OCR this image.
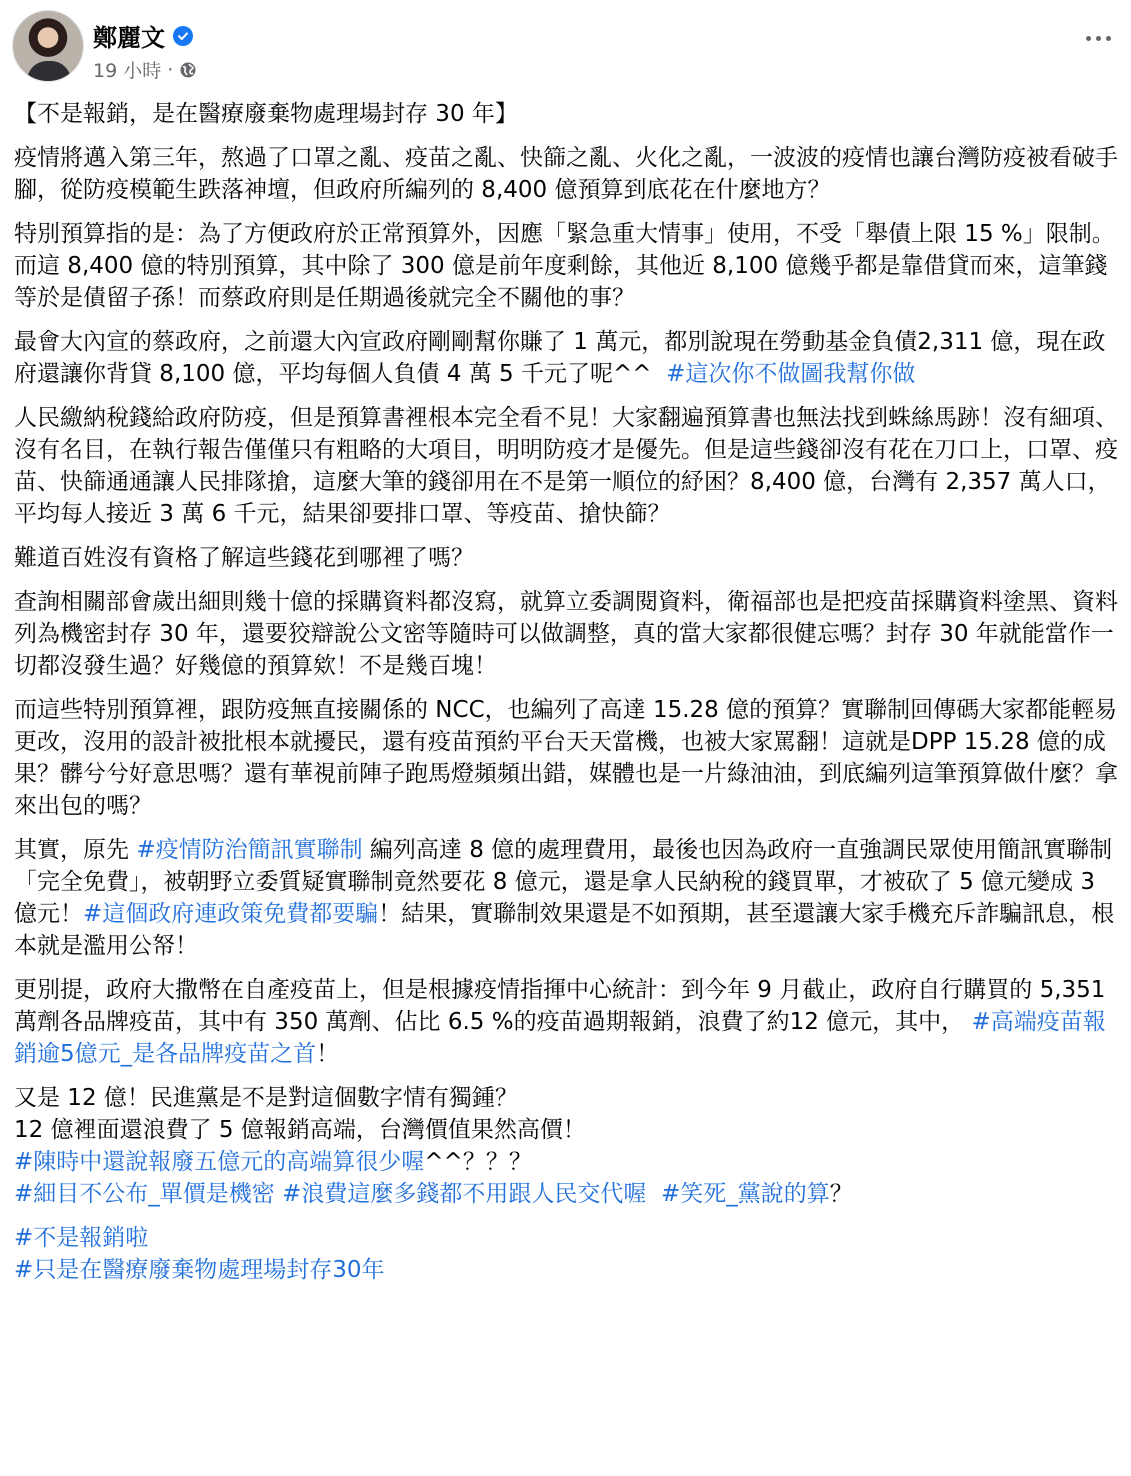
鄭麗文
19 小時 ·

【不是報銷，是在醫療廢棄物處理場封存 30 年】

疫情將邁入第三年，熬過了口罩之亂、疫苗之亂、快篩之亂、火化之亂，一波波的疫情也讓台灣防疫被看破手腳，從防疫模範生跌落神壇，但政府所編列的 8,400 億預算到底花在什麼地方？

特別預算指的是：為了方便政府於正常預算外，因應「緊急重大情事」使用，不受「舉債上限 15 %」限制。而這 8,400 億的特別預算，其中除了 300 億是前年度剩餘，其他近 8,100 億幾乎都是靠借貸而來，這筆錢等於是債留子孫！而蔡政府則是任期過後就完全不關他的事？

最會大內宣的蔡政府，之前還大內宣政府剛剛幫你賺了 1 萬元，都別說現在勞動基金負債2,311 億，現在政府還讓你背貸 8,100 億，平均每個人負債 4 萬 5 千元了呢^^  #這次你不做圖我幫你做

人民繳納稅錢給政府防疫，但是預算書裡根本完全看不見！大家翻遍預算書也無法找到蛛絲馬跡！沒有細項、沒有名目，在執行報告僅僅只有粗略的大項目，明明防疫才是優先。但是這些錢卻沒有花在刀口上，口罩、疫苗、快篩通通讓人民排隊搶，這麼大筆的錢卻用在不是第一順位的紓困？8,400 億，台灣有 2,357 萬人口，平均每人接近 3 萬 6 千元，結果卻要排口罩、等疫苗、搶快篩？

難道百姓沒有資格了解這些錢花到哪裡了嗎？

查詢相關部會歲出細則幾十億的採購資料都沒寫，就算立委調閱資料，衛福部也是把疫苗採購資料塗黑、資料列為機密封存 30 年，還要狡辯說公文密等隨時可以做調整，真的當大家都很健忘嗎？封存 30 年就能當作一切都沒發生過？好幾億的預算欸！不是幾百塊！

而這些特別預算裡，跟防疫無直接關係的 NCC，也編列了高達 15.28 億的預算？實聯制回傳碼大家都能輕易更改，沒用的設計被批根本就擾民，還有疫苗預約平台天天當機，也被大家罵翻！這就是DPP 15.28 億的成果？髒兮兮好意思嗎？還有華視前陣子跑馬燈頻頻出錯，媒體也是一片綠油油，到底編列這筆預算做什麼？拿來出包的嗎？

其實，原先 #疫情防治簡訊實聯制 編列高達 8 億的處理費用，最後也因為政府一直強調民眾使用簡訊實聯制「完全免費」，被朝野立委質疑實聯制竟然要花 8 億元，還是拿人民納稅的錢買單，才被砍了 5 億元變成 3 億元！#這個政府連政策免費都要騙！結果，實聯制效果還是不如預期，甚至還讓大家手機充斥詐騙訊息，根本就是濫用公帑！

更別提，政府大撒幣在自產疫苗上，但是根據疫情指揮中心統計：到今年 9 月截止，政府自行購買的 5,351 萬劑各品牌疫苗，其中有 350 萬劑、佔比 6.5 %的疫苗過期報銷，浪費了約12 億元，其中， #高端疫苗報銷逾5億元_是各品牌疫苗之首！

又是 12 億！民進黨是不是對這個數字情有獨鍾？
12 億裡面還浪費了 5 億報銷高端，台灣價值果然高價！
#陳時中還說報廢五億元的高端算很少喔^^？？？
#細目不公布_單價是機密 #浪費這麼多錢都不用跟人民交代喔 #笑死_黨說的算？

#不是報銷啦
#只是在醫療廢棄物處理場封存30年
